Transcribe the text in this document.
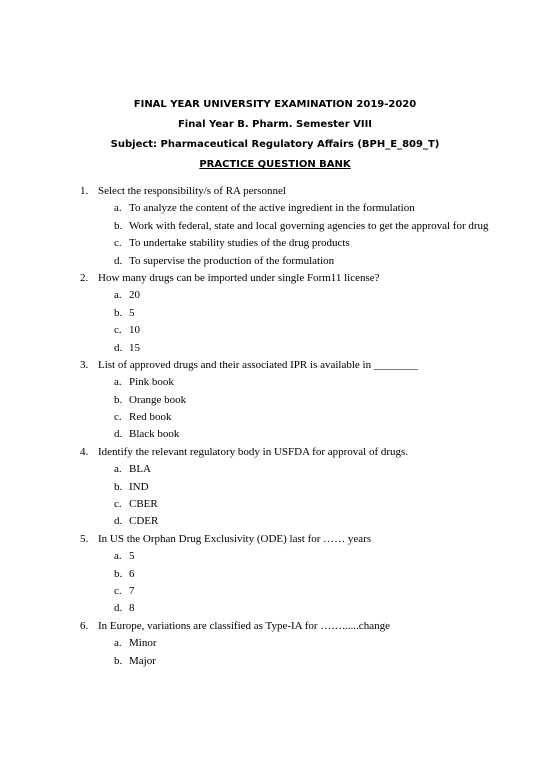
FINAL YEAR UNIVERSITY EXAMINATION 2019-2020
Final Year B. Pharm. Semester VIII
Subject: Pharmaceutical Regulatory Affairs (BPH_E_809_T)
PRACTICE QUESTION BANK
1. Select the responsibility/s of RA personnel
a. To analyze the content of the active ingredient in the formulation
b. Work with federal, state and local governing agencies to get the approval for drug
c. To undertake stability studies of the drug products
d. To supervise the production of the formulation
2. How many drugs can be imported under single Form11 license?
a. 20
b. 5
c. 10
d. 15
3. List of approved drugs and their associated IPR is available in ________
a. Pink book
b. Orange book
c. Red book
d. Black book
4. Identify the relevant regulatory body in USFDA for approval of drugs.
a. BLA
b. IND
c. CBER
d. CDER
5. In US the Orphan Drug Exclusivity (ODE) last for …… years
a. 5
b. 6
c. 7
d. 8
6. In Europe, variations are classified as Type-IA for ……......change
a. Minor
b. Major
